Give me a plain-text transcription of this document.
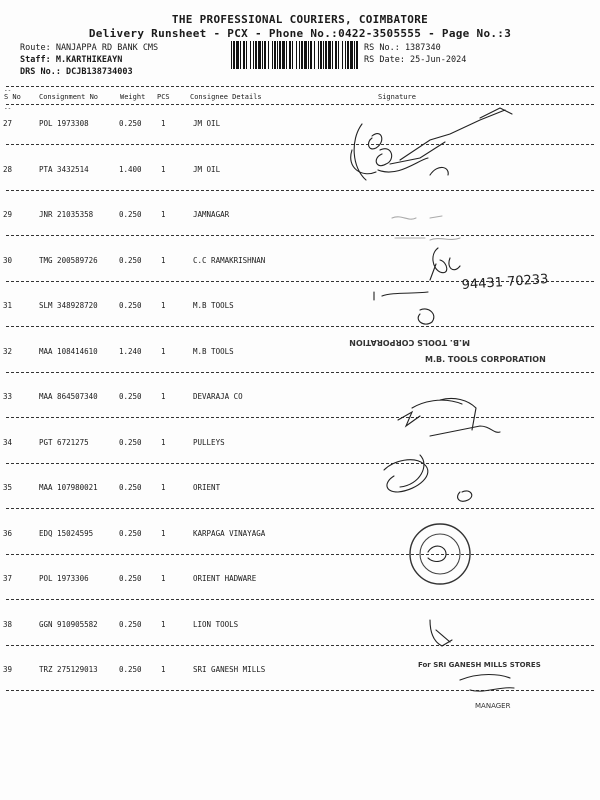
THE PROFESSIONAL COURIERS, COIMBATORE
Delivery Runsheet - PCX - Phone No.:0422-3505555 - Page No.:3
Route: NANJAPPA RD BANK CMS
Staff: M.KARTHIKEAYN
DRS No.: DCJB138734003
RS No.: 1387340
RS Date: 25-Jun-2024
--
S No	Consignment No	Weight PCS	Consignee Details	Signature
--
27	POL 1973308	0.250	1	JM OIL
28	PTA 3432514	1.400	1	JM OIL
29	JNR 21035358	0.250	1	JAMNAGAR
30	TMG 200589726	0.250	1	C.C RAMAKRISHNAN
31	SLM 348928720	0.250	1	M.B TOOLS
32	MAA 108414610	1.240	1	M.B TOOLS
33	MAA 864507340	0.250	1	DEVARAJA CO
34	PGT 6721275	0.250	1	PULLEYS
35	MAA 107980021	0.250	1	ORIENT
36	EDQ 15024595	0.250	1	KARPAGA VINAYAGA
37	POL 1973306	0.250	1	ORIENT HADWARE
38	GGN 910905582	0.250	1	LION TOOLS
39	TRZ 275129013	0.250	1	SRI GANESH MILLS
94431 70233
M.B. TOOLS CORPORATION
M.B. TOOLS CORPORATION
For SRI GANESH MILLS STORES
MANAGER
